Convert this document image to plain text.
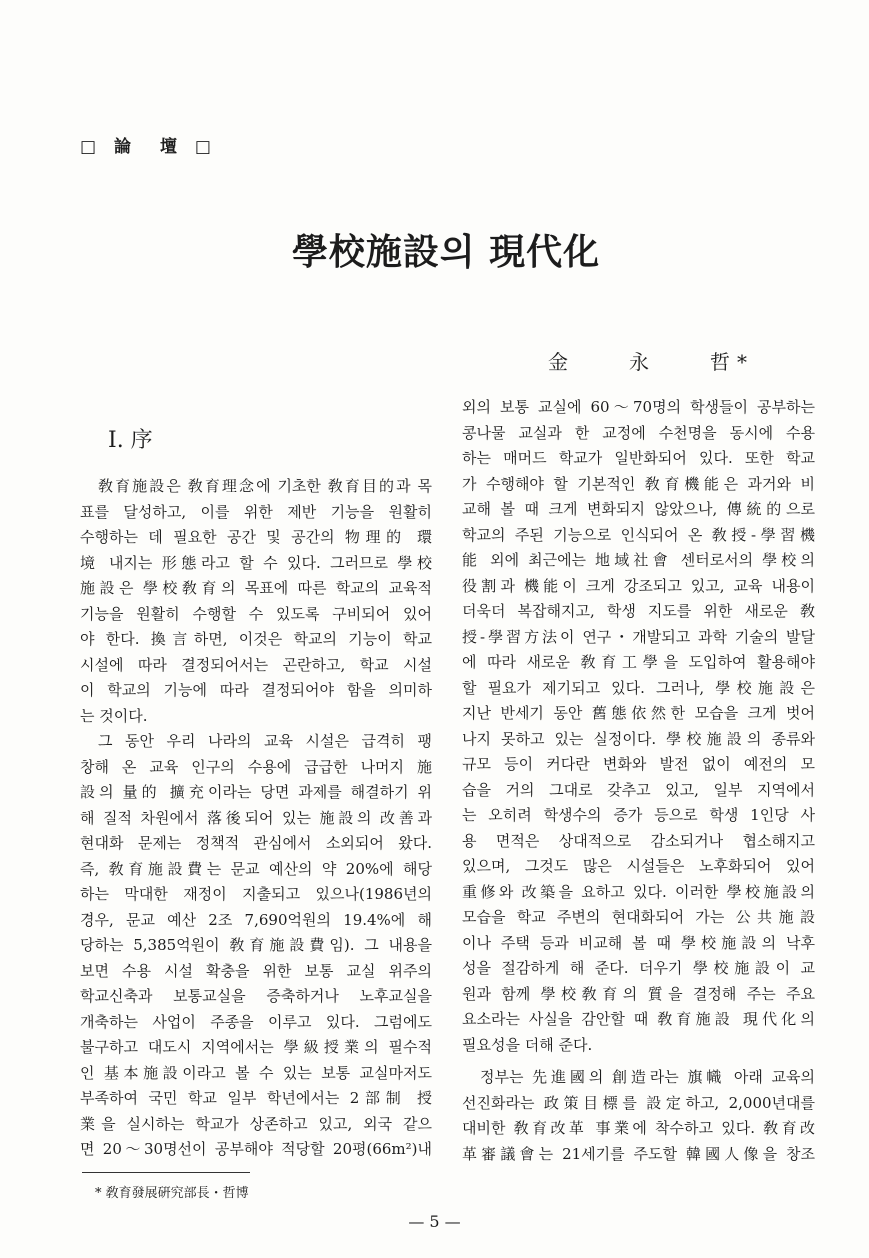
□ 論　壇 □
學校施設의 現代化
金　　永　　哲*
Ⅰ. 序
敎育施設은 敎育理念에 기초한 敎育目的과 목
표를 달성하고, 이를 위한 제반 기능을 원활히
수행하는 데 필요한 공간 및 공간의 物理的 環
境 내지는 形態라고 할 수 있다. 그러므로 學校
施設은 學校敎育의 목표에 따른 학교의 교육적
기능을 원활히 수행할 수 있도록 구비되어 있어
야 한다. 換言하면, 이것은 학교의 기능이 학교
시설에 따라 결정되어서는 곤란하고, 학교 시설
이 학교의 기능에 따라 결정되어야 함을 의미하
는 것이다.
그 동안 우리 나라의 교육 시설은 급격히 팽
창해 온 교육 인구의 수용에 급급한 나머지 施
設의 量的 擴充이라는 당면 과제를 해결하기 위
해 질적 차원에서 落後되어 있는 施設의 改善과
현대화 문제는 정책적 관심에서 소외되어 왔다.
즉, 敎育施設費는 문교 예산의 약 20%에 해당
하는 막대한 재정이 지출되고 있으나(1986년의
경우, 문교 예산 2조 7,690억원의 19.4%에 해
당하는 5,385억원이 敎育施設費임). 그 내용을
보면 수용 시설 확충을 위한 보통 교실 위주의
학교신축과 보통교실을 증축하거나 노후교실을
개축하는 사업이 주종을 이루고 있다. 그럼에도
불구하고 대도시 지역에서는 學級授業의 필수적
인 基本施設이라고 볼 수 있는 보통 교실마저도
부족하여 국민 학교 일부 학년에서는 2部制 授
業을 실시하는 학교가 상존하고 있고, 외국 같으
면 20～30명선이 공부해야 적당할 20평(66m²)내
외의 보통 교실에 60～70명의 학생들이 공부하는
콩나물 교실과 한 교정에 수천명을 동시에 수용
하는 매머드 학교가 일반화되어 있다. 또한 학교
가 수행해야 할 기본적인 敎育機能은 과거와 비
교해 볼 때 크게 변화되지 않았으나, 傳統的으로
학교의 주된 기능으로 인식되어 온 敎授-學習機
能 외에 최근에는 地域社會 센터로서의 學校의
役割과 機能이 크게 강조되고 있고, 교육 내용이
더욱더 복잡해지고, 학생 지도를 위한 새로운 敎
授-學習方法이 연구・개발되고 과학 기술의 발달
에 따라 새로운 敎育工學을 도입하여 활용해야
할 필요가 제기되고 있다. 그러나, 學校施設은
지난 반세기 동안 舊態依然한 모습을 크게 벗어
나지 못하고 있는 실정이다. 學校施設의 종류와
규모 등이 커다란 변화와 발전 없이 예전의 모
습을 거의 그대로 갖추고 있고, 일부 지역에서
는 오히려 학생수의 증가 등으로 학생 1인당 사
용 면적은 상대적으로 감소되거나 협소해지고
있으며, 그것도 많은 시설들은 노후화되어 있어
重修와 改築을 요하고 있다. 이러한 學校施設의
모습을 학교 주변의 현대화되어 가는 公共施設
이나 주택 등과 비교해 볼 때 學校施設의 낙후
성을 절감하게 해 준다. 더우기 學校施設이 교
원과 함께 學校敎育의 質을 결정해 주는 주요
요소라는 사실을 감안할 때 敎育施設 現代化의
필요성을 더해 준다.
정부는 先進國의 創造라는 旗幟 아래 교육의
선진화라는 政策目標를 設定하고, 2,000년대를
대비한 敎育改革 事業에 착수하고 있다. 敎育改
革審議會는 21세기를 주도할 韓國人像을 창조
* 敎育發展硏究部長・哲博
— 5 —
